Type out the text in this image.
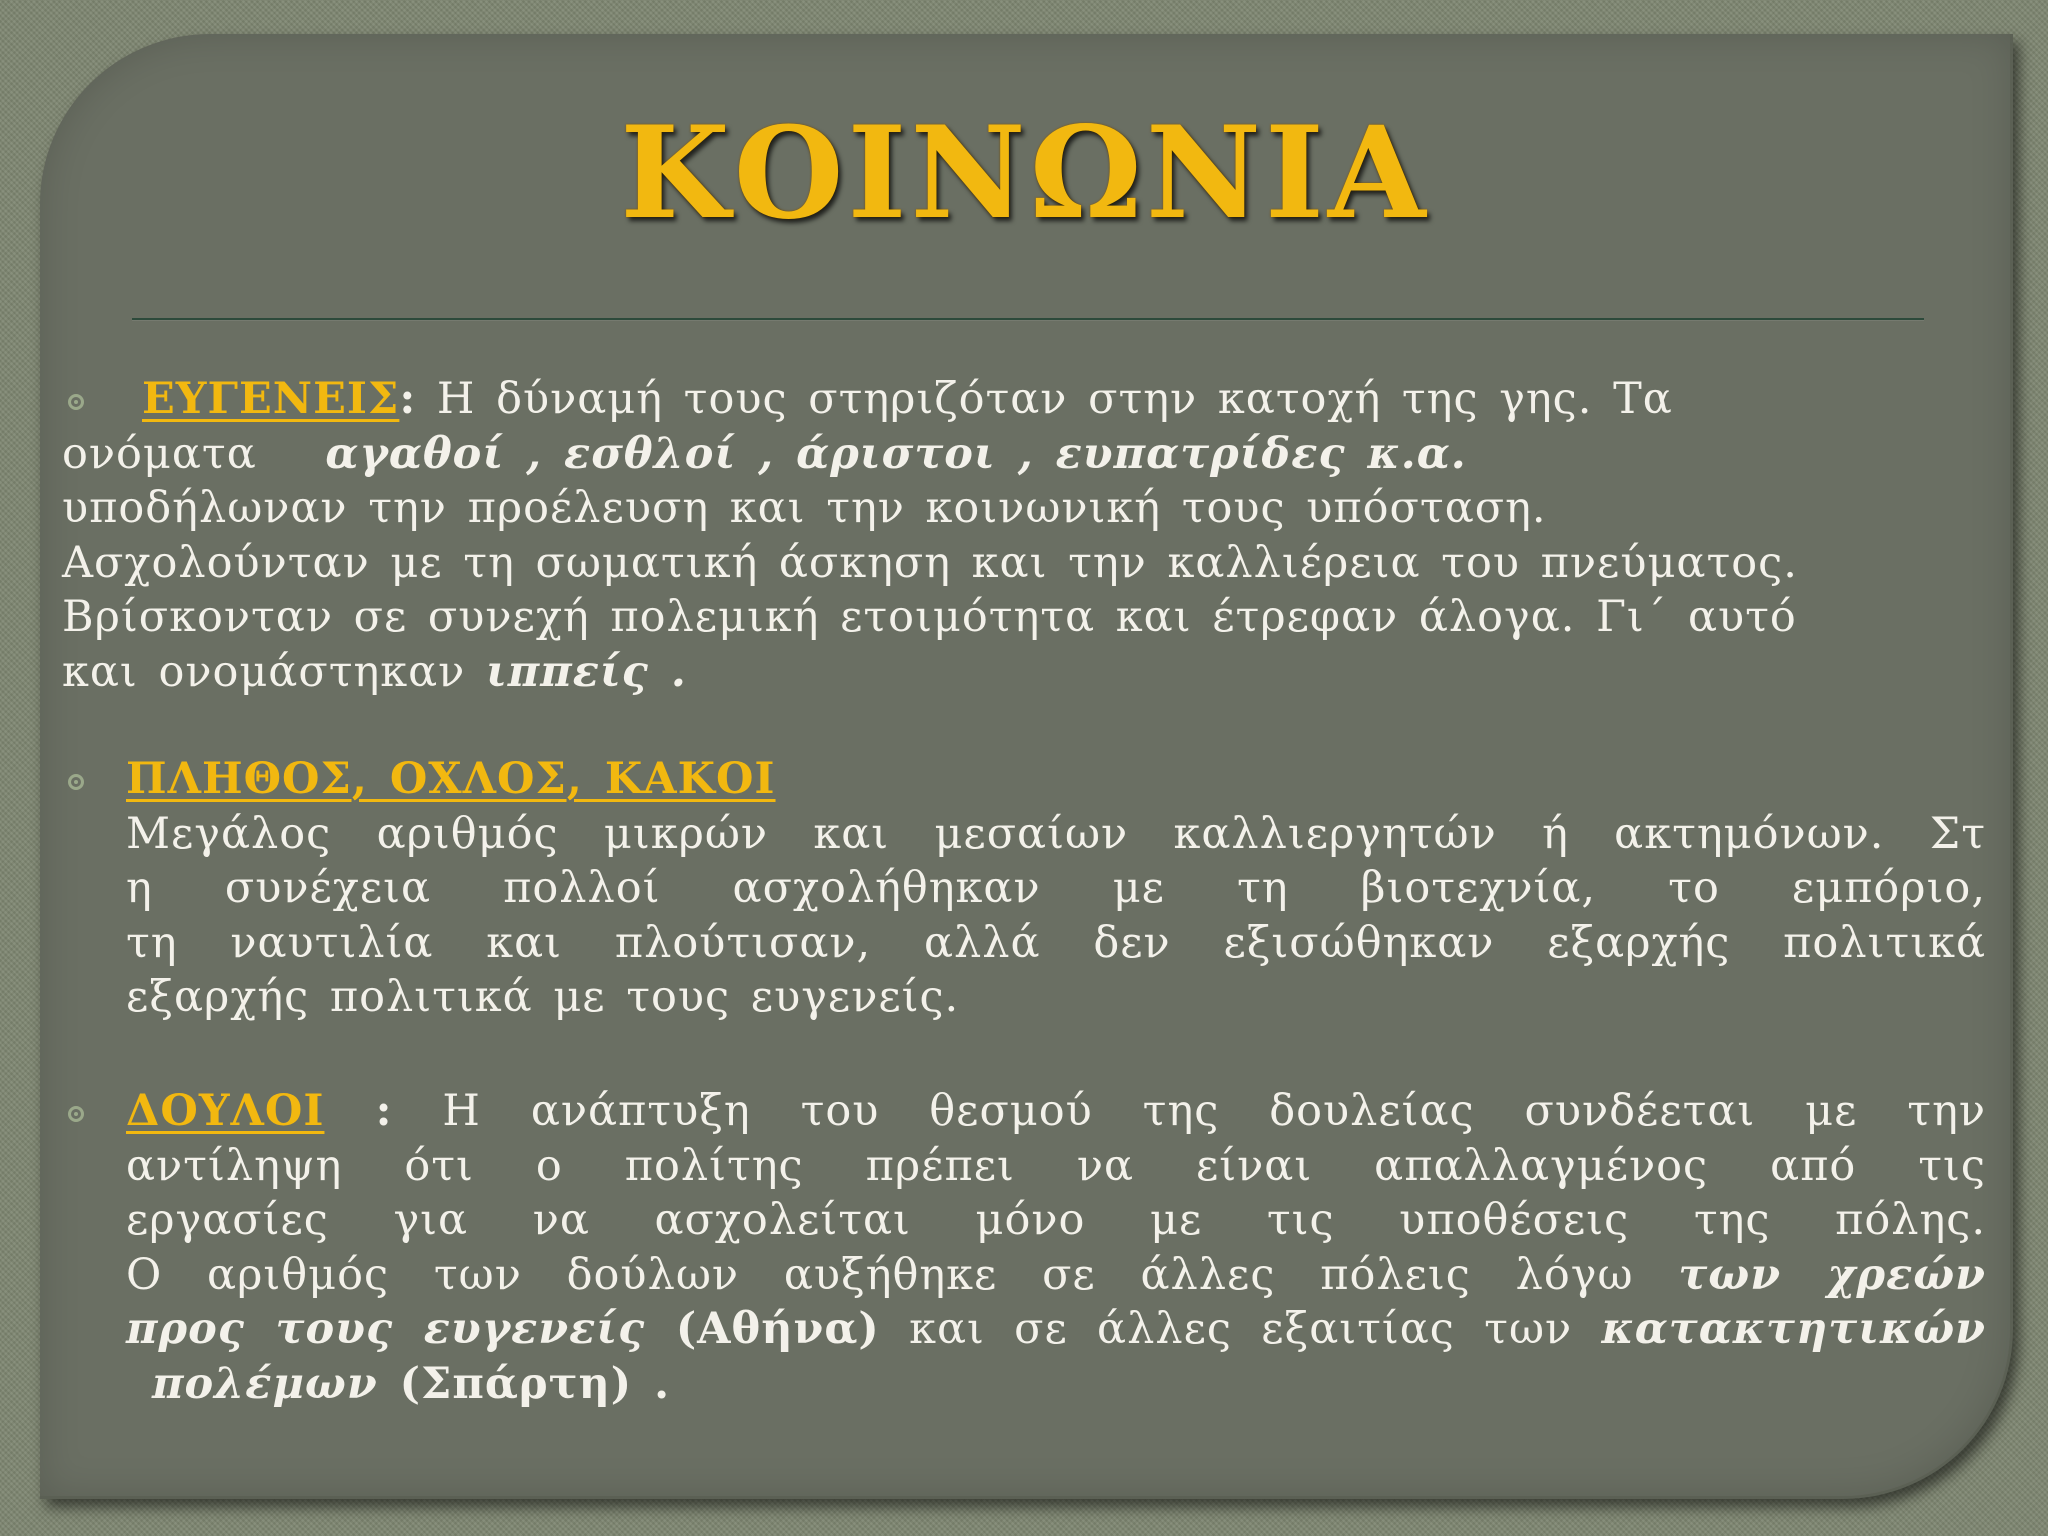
ΚΟΙΝΩΝΙΑ
ΕΥΓΕΝΕΙΣ: Η δύναμή τους στηριζόταν στην κατοχή της γης. Τα
ονόματα αγαθοί , εσθλοί , άριστοι , ευπατρίδες κ.α.
υποδήλωναν την προέλευση και την κοινωνική τους υπόσταση.
Ασχολούνταν με τη σωματική άσκηση και την καλλιέρεια του πνεύματος.
Βρίσκονταν σε συνεχή πολεμική ετοιμότητα και έτρεφαν άλογα. Γι΄ αυτό
και ονομάστηκαν ιππείς .
ΠΛΗΘΟΣ, ΟΧΛΟΣ, ΚΑΚΟΙ
Μεγάλος αριθμός μικρών και μεσαίων καλλιεργητών ή ακτημόνων. Στ
η συνέχεια πολλοί ασχολήθηκαν με τη βιοτεχνία, το εμπόριο,
τη ναυτιλία και πλούτισαν, αλλά δεν εξισώθηκαν εξαρχής πολιτικά
εξαρχής πολιτικά με τους ευγενείς.
ΔΟΥΛΟΙ : Η ανάπτυξη του θεσμού της δουλείας συνδέεται με την
αντίληψη ότι ο πολίτης πρέπει να είναι απαλλαγμένος από τις
εργασίες για να ασχολείται μόνο με τις υποθέσεις της πόλης.
Ο αριθμός των δούλων αυξήθηκε σε άλλες πόλεις λόγω των χρεών
προς τους ευγενείς (Αθήνα) και σε άλλες εξαιτίας των κατακτητικών
πολέμων (Σπάρτη) .
